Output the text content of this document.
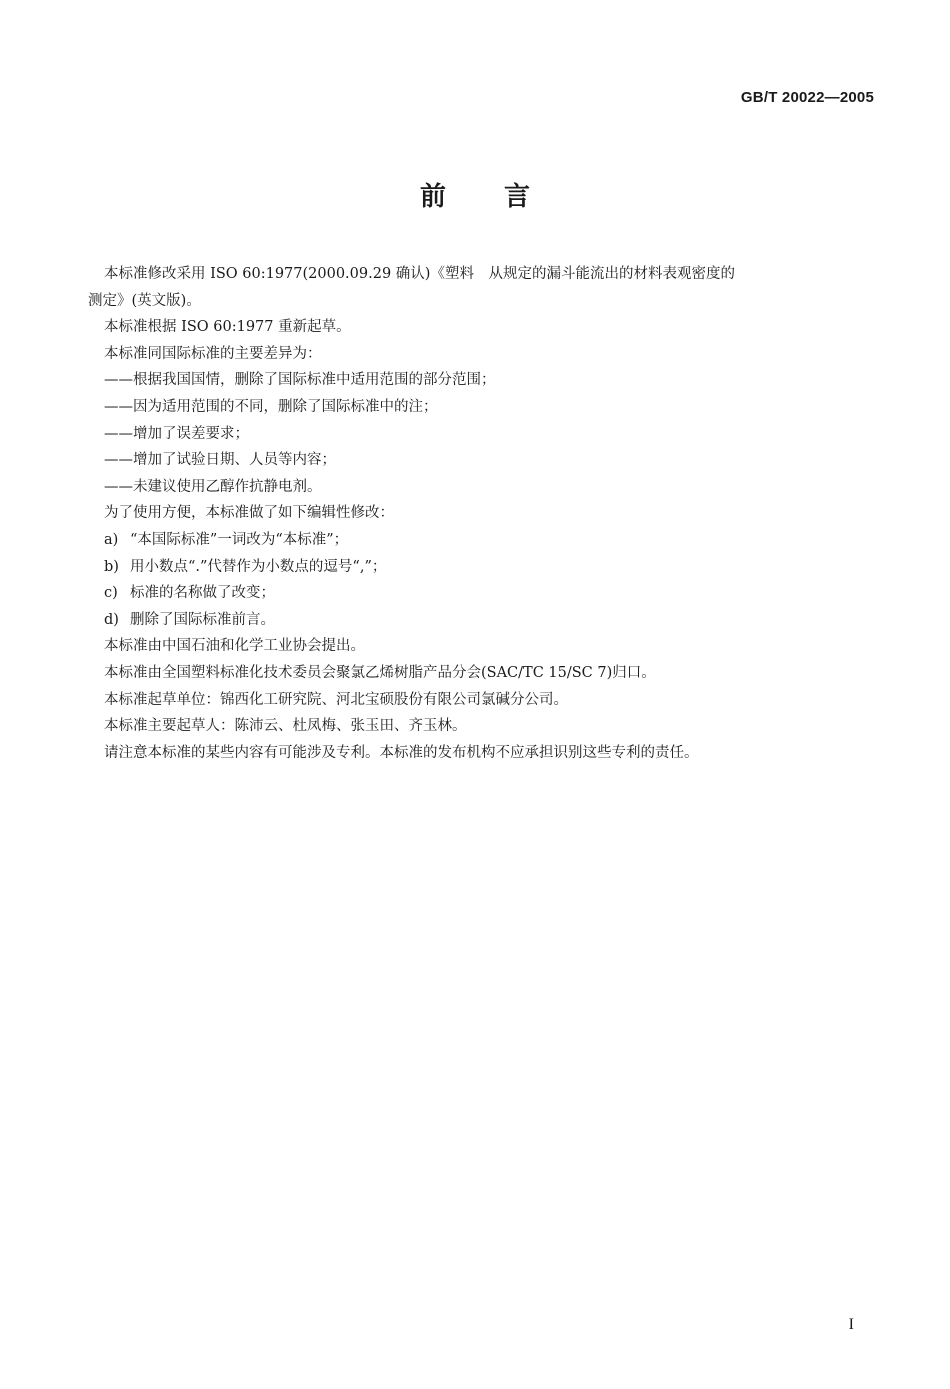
GB/T 20022—2005
前 言
本标准修改采用 ISO 60:1977(2000.09.29 确认)《塑料　从规定的漏斗能流出的材料表观密度的
测定》(英文版)。
本标准根据 ISO 60:1977 重新起草。
本标准同国际标准的主要差异为：
——根据我国国情，删除了国际标准中适用范围的部分范围；
——因为适用范围的不同，删除了国际标准中的注；
——增加了误差要求；
——增加了试验日期、人员等内容；
——未建议使用乙醇作抗静电剂。
为了使用方便，本标准做了如下编辑性修改：
a) “本国际标准”一词改为“本标准”；
b) 用小数点“.”代替作为小数点的逗号“,”；
c) 标准的名称做了改变；
d) 删除了国际标准前言。
本标准由中国石油和化学工业协会提出。
本标准由全国塑料标准化技术委员会聚氯乙烯树脂产品分会(SAC/TC 15/SC 7)归口。
本标准起草单位：锦西化工研究院、河北宝硕股份有限公司氯碱分公司。
本标准主要起草人：陈沛云、杜凤梅、张玉田、齐玉林。
请注意本标准的某些内容有可能涉及专利。本标准的发布机构不应承担识别这些专利的责任。
I
